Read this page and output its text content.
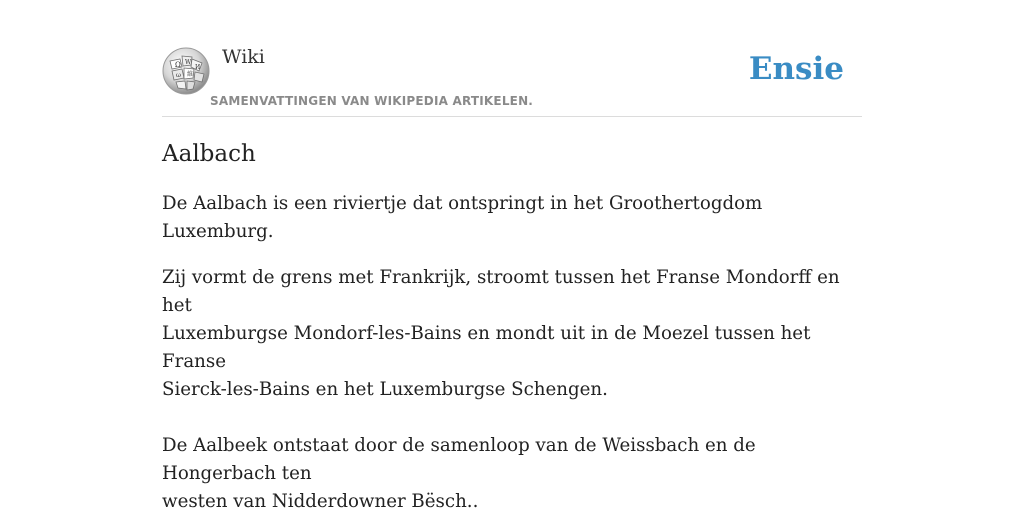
Ω W
И
ω 維
Wiki
SAMENVATTINGEN VAN WIKIPEDIA ARTIKELEN.
Ensie
Aalbach

De Aalbach is een riviertje dat ontspringt in het Groothertogdom Luxemburg.

Zij vormt de grens met Frankrijk, stroomt tussen het Franse Mondorff en het
Luxemburgse Mondorf-les-Bains en mondt uit in de Moezel tussen het Franse
Sierck-les-Bains en het Luxemburgse Schengen.
De Aalbeek ontstaat door de samenloop van de Weissbach en de Hongerbach ten
westen van Nidderdowner Bësch..
